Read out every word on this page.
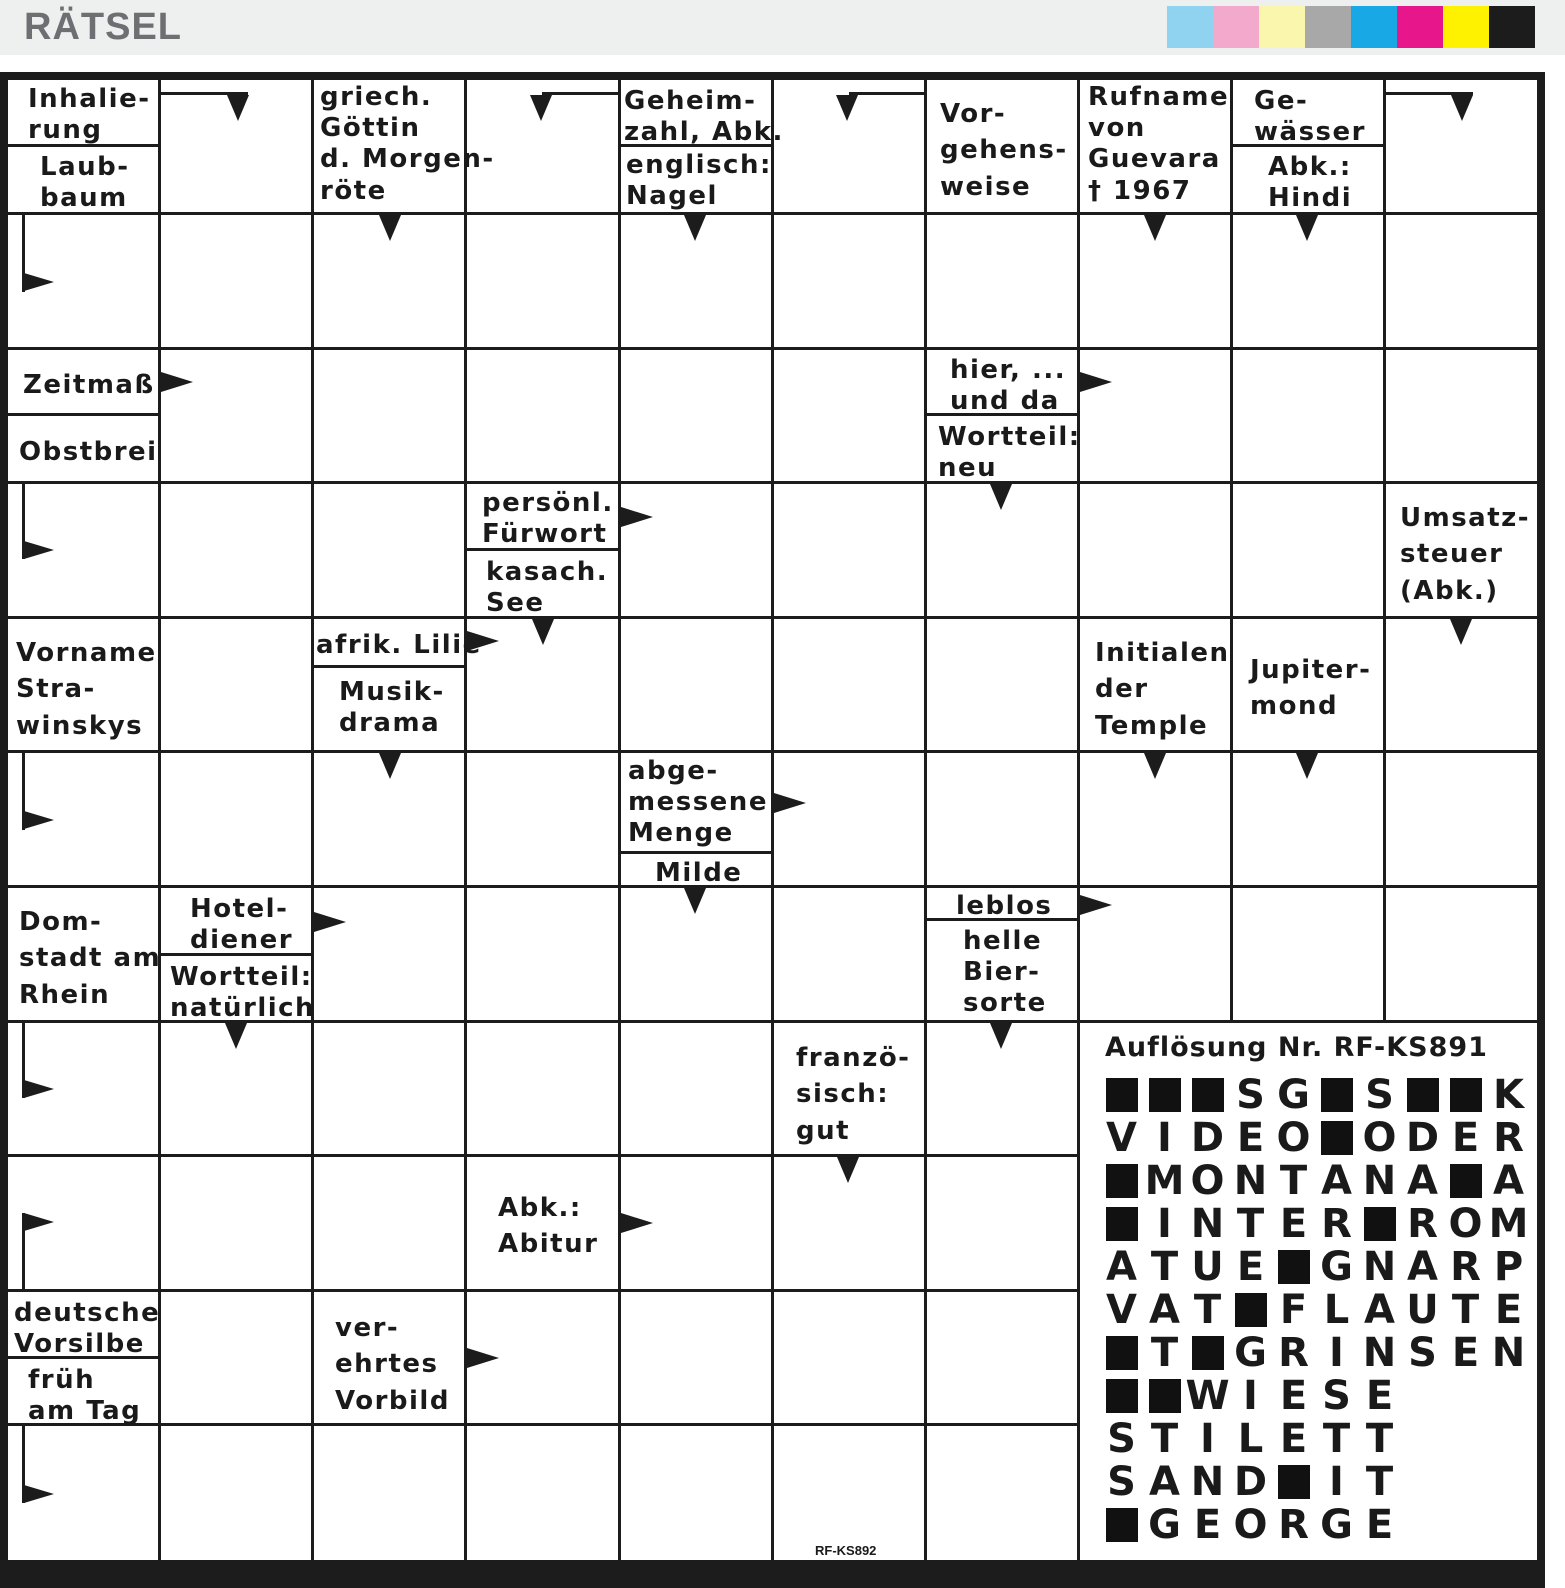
RÄTSEL
Inhalie-
rung
Laub-
baum
griech.
Göttin
d. Morgen-
röte
Geheim-
zahl, Abk.
englisch:
Nagel
Vor-
gehens-
weise
Rufname
von
Guevara
† 1967
Ge-
wässer
Abk.:
Hindi
Zeitmaß
Obstbrei
hier, ...
und da
Wortteil:
neu
persönl.
Fürwort
kasach.
See
Umsatz-
steuer
(Abk.)
Vorname
Stra-
winskys
afrik. Lilie
Musik-
drama
Initialen
der
Temple
Jupiter-
mond
abge-
messene
Menge
Milde
Dom-
stadt am
Rhein
Hotel-
diener
Wortteil:
natürlich
leblos
helle
Bier-
sorte
franzö-
sisch:
gut
Abk.:
Abitur
deutsche
Vorsilbe
früh
am Tag
ver-
ehrtes
Vorbild
Auflösung Nr. RF-KS891
S G S K
V I D E O O D E R
M O N T A N A A
I N T E R R O M
A T U E G N A R P
V A T F L A U T E
T G R I N S E N
W I E S E
S T I L E T T
S A N D	I T
G E O R G E
RF-KS892
